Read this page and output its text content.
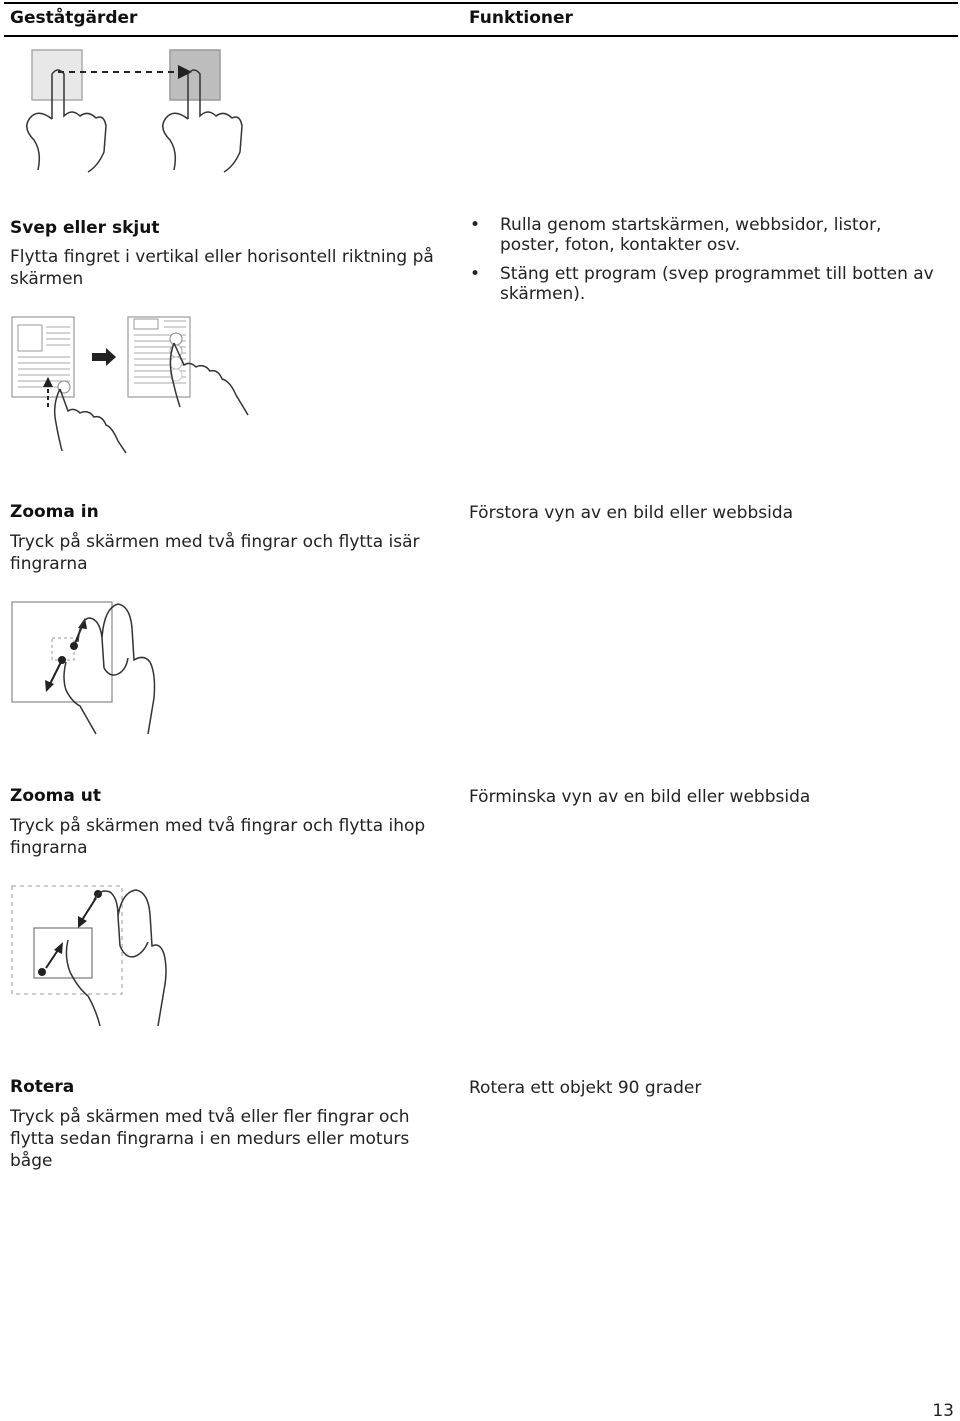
Geståtgärder	Funktioner
Svep eller skjut
Flytta fingret i vertikal eller horisontell riktning på skärmen
• Rulla genom startskärmen, webbsidor, listor, poster, foton, kontakter osv.
• Stäng ett program (svep programmet till botten av skärmen).
Zooma in
Tryck på skärmen med två fingrar och flytta isär fingrarna
Förstora vyn av en bild eller webbsida
Zooma ut
Tryck på skärmen med två fingrar och flytta ihop fingrarna
Förminska vyn av en bild eller webbsida
Rotera
Tryck på skärmen med två eller fler fingrar och flytta sedan fingrarna i en medurs eller moturs båge
Rotera ett objekt 90 grader
13
